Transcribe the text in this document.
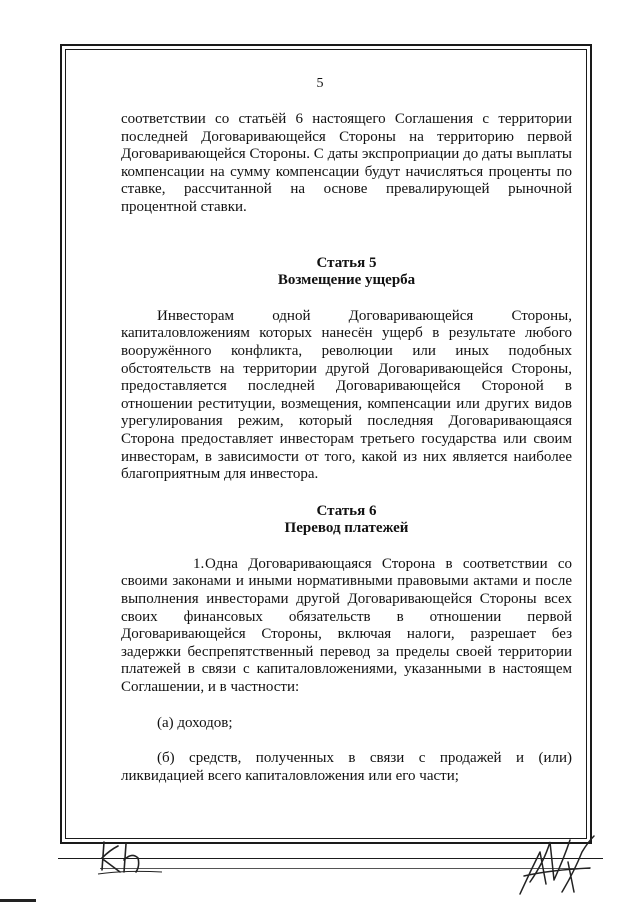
5

соответствии со статьёй 6 настоящего Соглашения с территории последней Договаривающейся Стороны на территорию первой Договаривающейся Стороны. С даты экспроприации до даты выплаты компенсации на сумму компенсации будут начисляться проценты по ставке, рассчитанной на основе превалирующей рыночной процентной ставки.

Статья 5

Возмещение ущерба

Инвесторам одной Договаривающейся Стороны, капиталовложениям которых нанесён ущерб в результате любого вооружённого конфликта, революции или иных подобных обстоятельств на территории другой Договаривающейся Стороны, предоставляется последней Договаривающейся Стороной в отношении реституции, возмещения, компенсации или других видов урегулирования режим, который последняя Договаривающаяся Сторона предоставляет инвесторам третьего государства или своим инвесторам, в зависимости от того, какой из них является наиболее благоприятным для инвестора.

Статья 6

Перевод платежей

1.Одна Договаривающаяся Сторона в соответствии со своими законами и иными нормативными правовыми актами и после выполнения инвесторами другой Договаривающейся Стороны всех своих финансовых обязательств в отношении первой Договаривающейся Стороны, включая налоги, разрешает без задержки беспрепятственный перевод за пределы своей территории платежей в связи с капиталовложениями, указанными в настоящем Соглашении, и в частности:

(а) доходов;

(б) средств, полученных в связи с продажей и (или) ликвидацией всего капиталовложения или его части;
